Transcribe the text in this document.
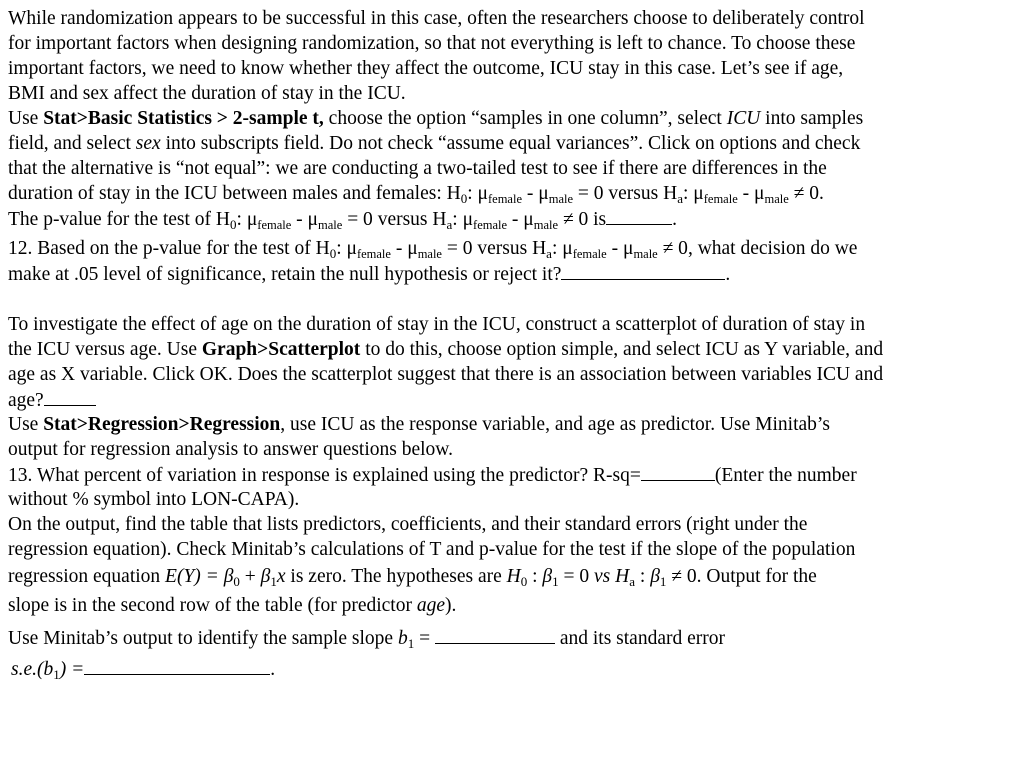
While randomization appears to be successful in this case, often the researchers choose to deliberately control
for important factors when designing randomization, so that not everything is left to chance. To choose these
important factors, we need to know whether they affect the outcome, ICU stay in this case. Let’s see if age,
BMI and sex affect the duration of stay in the ICU.
Use Stat>Basic Statistics > 2-sample t, choose the option “samples in one column”, select ICU into samples
field, and select sex into subscripts field. Do not check “assume equal variances”. Click on options and check
that the alternative is “not equal”: we are conducting a two-tailed test to see if there are differences in the
duration of stay in the ICU between males and females: $H_0$: $\mu_{female} - \mu_{male} = 0$ versus $H_a$: $\mu_{female} - \mu_{male} \ne 0$.
The p-value for the test of $H_0$: $\mu_{female} - \mu_{male} = 0$ versus $H_a$: $\mu_{female} - \mu_{male} \ne 0$ is	.
12. Based on the p-value for the test of $H_0$: $\mu_{female} - \mu_{male} = 0$ versus $H_a$: $\mu_{female} - \mu_{male} \ne 0$, what decision do we
make at .05 level of significance, retain the null hypothesis or reject it?	.
To investigate the effect of age on the duration of stay in the ICU, construct a scatterplot of duration of stay in
the ICU versus age. Use Graph>Scatterplot to do this, choose option simple, and select ICU as Y variable, and
age as X variable. Click OK. Does the scatterplot suggest that there is an association between variables ICU and
age?
Use Stat>Regression>Regression, use ICU as the response variable, and age as predictor. Use Minitab’s
output for regression analysis to answer questions below.
13. What percent of variation in response is explained using the predictor? R-sq=	(Enter the number
without % symbol into LON-CAPA).
On the output, find the table that lists predictors, coefficients, and their standard errors (right under the
regression equation). Check Minitab’s calculations of T and p-value for the test if the slope of the population
regression equation $E(Y) = \beta_0 + \beta_1x$ is zero. The hypotheses are $H_0$ : $\beta_1 = 0$ vs $H_a$ : $\beta_1 \ne 0$. Output for the
slope is in the second row of the table (for predictor age).
Use Minitab’s output to identify the sample slope $b_1$ =	and its standard error
$s.e.(b_1)$ =	.
